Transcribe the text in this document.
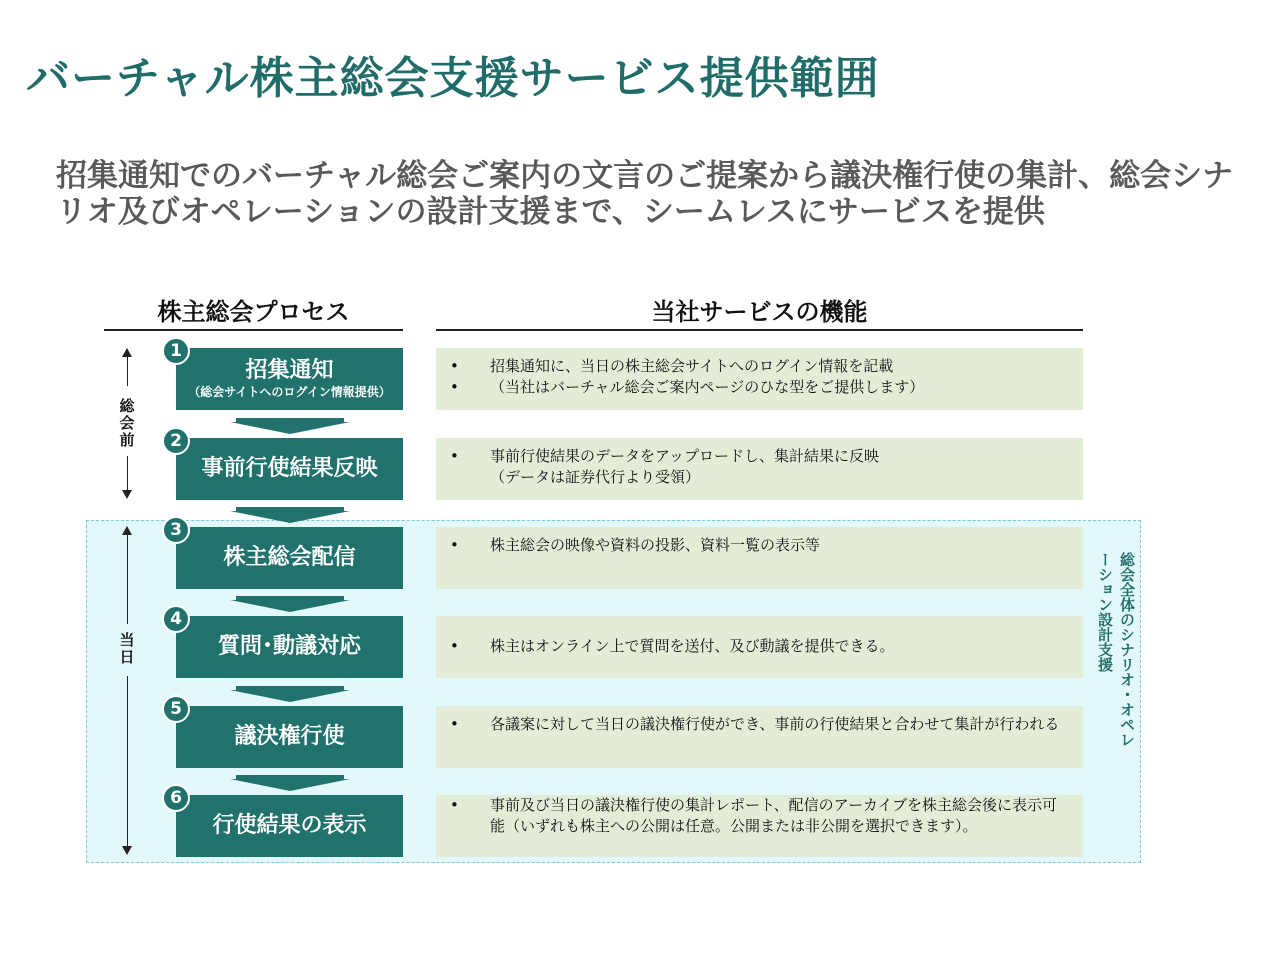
バーチャル株主総会支援サービス提供範囲
招集通知でのバーチャル総会ご案内の文言のご提案から議決権行使の集計、総会シナリオ及びオペレーションの設計支援まで、シームレスにサービスを提供
株主総会プロセス	当社サービスの機能
総会前
当日
招集通知
（総会サイトへのログイン情報提供）
1
• 招集通知に、当日の株主総会サイトへのログイン情報を記載
• （当社はバーチャル総会ご案内ページのひな型をご提供します）
事前行使結果反映
2
• 事前行使結果のデータをアップロードし、集計結果に反映
（データは証券代行より受領）
株主総会配信
3
• 株主総会の映像や資料の投影、資料一覧の表示等
質問･動議対応
4
• 株主はオンライン上で質問を送付、及び動議を提供できる。
議決権行使
5
• 各議案に対して当日の議決権行使ができ、事前の行使結果と合わせて集計が行われる
行使結果の表示
6
•	事前及び当日の議決権行使の集計レポート、配信のアーカイブを株主総会後に表示可能（いずれも株主への公開は任意。公開または非公開を選択できます）。
総会全体のシナリオ・オペレーション設計支援
